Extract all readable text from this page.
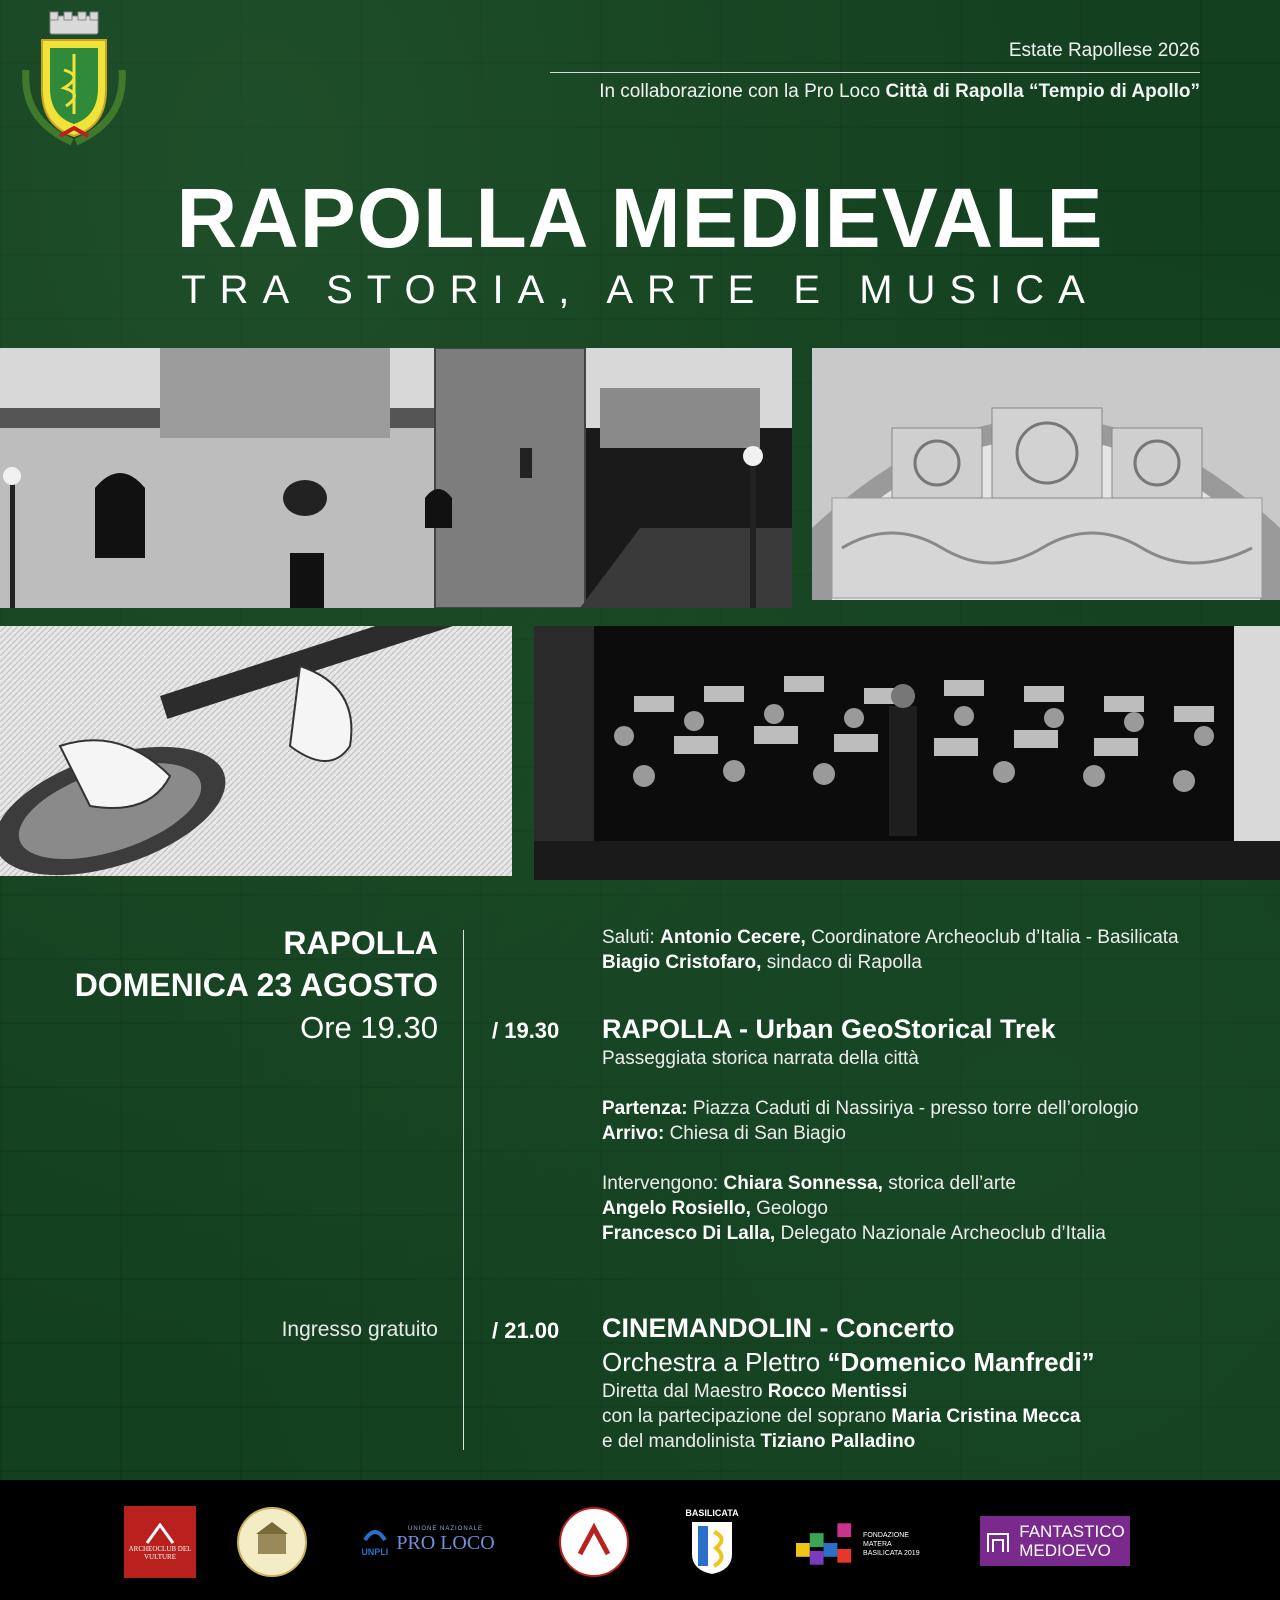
Estate Rapollese 2026
In collaborazione con la Pro Loco Città di Rapolla “Tempio di Apollo”
RAPOLLA MEDIEVALE
TRA STORIA, ARTE E MUSICA
RAPOLLA
DOMENICA 23 AGOSTO
Ore 19.30
Ingresso gratuito
Saluti: Antonio Cecere, Coordinatore Archeoclub d’Italia - Basilicata
Biagio Cristofaro, sindaco di Rapolla
/ 19.30 RAPOLLA - Urban GeoStorical Trek
Passeggiata storica narrata della città
Partenza: Piazza Caduti di Nassiriya - presso torre dell’orologio
Arrivo: Chiesa di San Biagio
Intervengono: Chiara Sonnessa, storica dell’arte
Angelo Rosiello, Geologo
Francesco Di Lalla, Delegato Nazionale Archeoclub d’Italia
/ 21.00 CINEMANDOLIN - Concerto
Orchestra a Plettro “Domenico Manfredi”
Diretta dal Maestro Rocco Mentissi
con la partecipazione del soprano Maria Cristina Mecca
e del mandolinista Tiziano Palladino
ARCHEOCLUB DEL VULTURE
UNPLI
UNIONE NAZIONALE
PRO LOCO
BASILICATA
FONDAZIONE MATERA BASILICATA 2019
FANTASTICO
MEDIOEVO
